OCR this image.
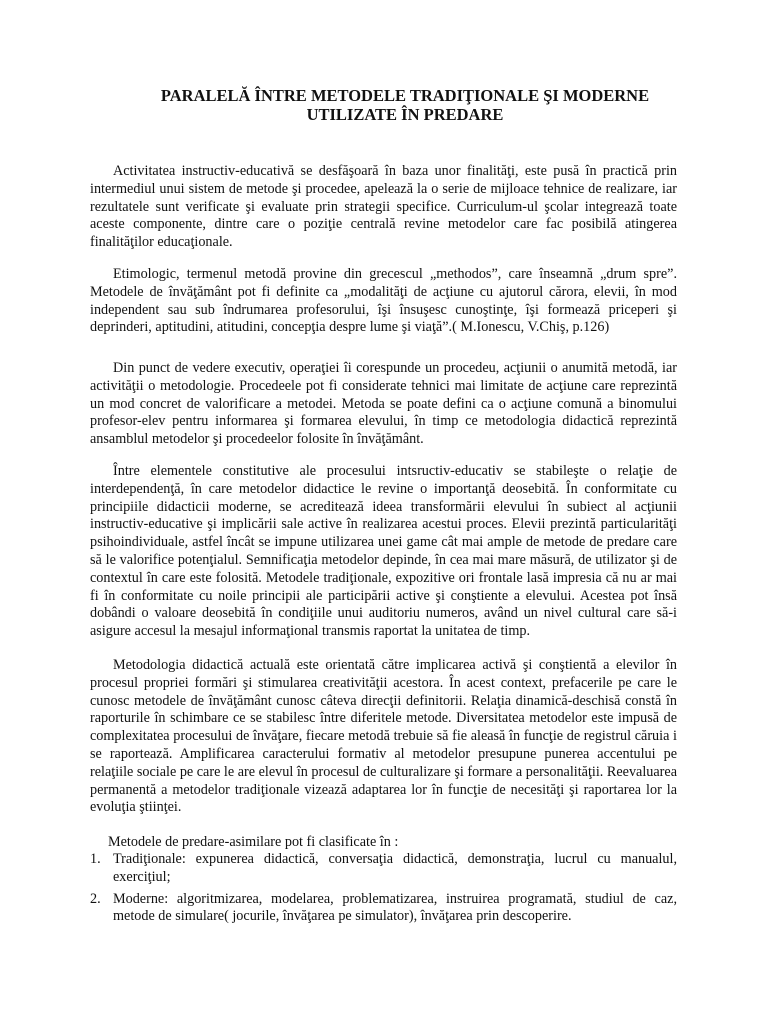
PARALELĂ ÎNTRE METODELE TRADIŢIONALE ŞI MODERNE
UTILIZATE ÎN PREDARE

Activitatea instructiv-educativă se desfăşoară în baza unor finalităţi, este pusă în practică prin intermediul unui sistem de metode şi procedee, apelează la o serie de mijloace tehnice de realizare, iar rezultatele sunt verificate şi evaluate prin strategii specifice. Curriculum-ul şcolar integrează toate aceste componente, dintre care o poziţie centrală revine metodelor care fac posibilă atingerea finalităţilor educaţionale.

Etimologic, termenul metodă provine din grecescul „methodos”, care înseamnă „drum spre”. Metodele de învăţământ pot fi definite ca „modalităţi de acţiune cu ajutorul cărora, elevii, în mod independent sau sub îndrumarea profesorului, îşi însuşesc cunoştinţe, îşi formează priceperi şi deprinderi, aptitudini, atitudini, concepţia despre lume şi viaţă”.( M.Ionescu, V.Chiş, p.126)

Din punct de vedere executiv, operaţiei îi corespunde un procedeu, acţiunii o anumită metodă, iar activităţii o metodologie. Procedeele pot fi considerate tehnici mai limitate de acţiune care reprezintă un mod concret de valorificare a metodei. Metoda se poate defini ca o acţiune comună a binomului profesor-elev pentru informarea şi formarea elevului, în timp ce metodologia didactică reprezintă ansamblul metodelor şi procedeelor folosite în învăţământ.

Între elementele constitutive ale procesului intsructiv-educativ se stabileşte o relaţie de interdependenţă, în care metodelor didactice le revine o importanţă deosebită. În conformitate cu principiile didacticii moderne, se acreditează ideea transformării elevului în subiect al acţiunii instructiv-educative şi implicării sale active în realizarea acestui proces. Elevii prezintă particularităţi psihoindividuale, astfel încât se impune utilizarea unei game cât mai ample de metode de predare care să le valorifice potenţialul. Semnificaţia metodelor depinde, în cea mai mare măsură, de utilizator şi de contextul în care este folosită. Metodele tradiţionale, expozitive ori frontale lasă impresia că nu ar mai fi în conformitate cu noile principii ale participării active şi conştiente a elevului. Acestea pot însă dobândi o valoare deosebită în condiţiile unui auditoriu numeros, având un nivel cultural care să-i asigure accesul la mesajul informaţional transmis raportat la unitatea de timp.

Metodologia didactică actuală este orientată către implicarea activă şi conştientă a elevilor în procesul propriei formări şi stimularea creativităţii acestora. În acest context, prefacerile pe care le cunosc metodele de învăţământ cunosc câteva direcţii definitorii. Relaţia dinamică-deschisă constă în raporturile în schimbare ce se stabilesc între diferitele metode. Diversitatea metodelor este impusă de complexitatea procesului de învăţare, fiecare metodă trebuie să fie aleasă în funcţie de registrul căruia i se raportează. Amplificarea caracterului formativ al metodelor presupune punerea accentului pe relaţiile sociale pe care le are elevul în procesul de culturalizare şi formare a personalităţii. Reevaluarea permanentă a metodelor tradiţionale vizează adaptarea lor în funcţie de necesităţi şi raportarea lor la evoluţia ştiinţei.

Metodele de predare-asimilare pot fi clasificate în :

1. Tradiţionale: expunerea didactică, conversaţia didactică, demonstraţia, lucrul cu manualul, exerciţiul;
2. Moderne: algoritmizarea, modelarea, problematizarea, instruirea programată, studiul de caz, metode de simulare( jocurile, învăţarea pe simulator), învăţarea prin descoperire.
